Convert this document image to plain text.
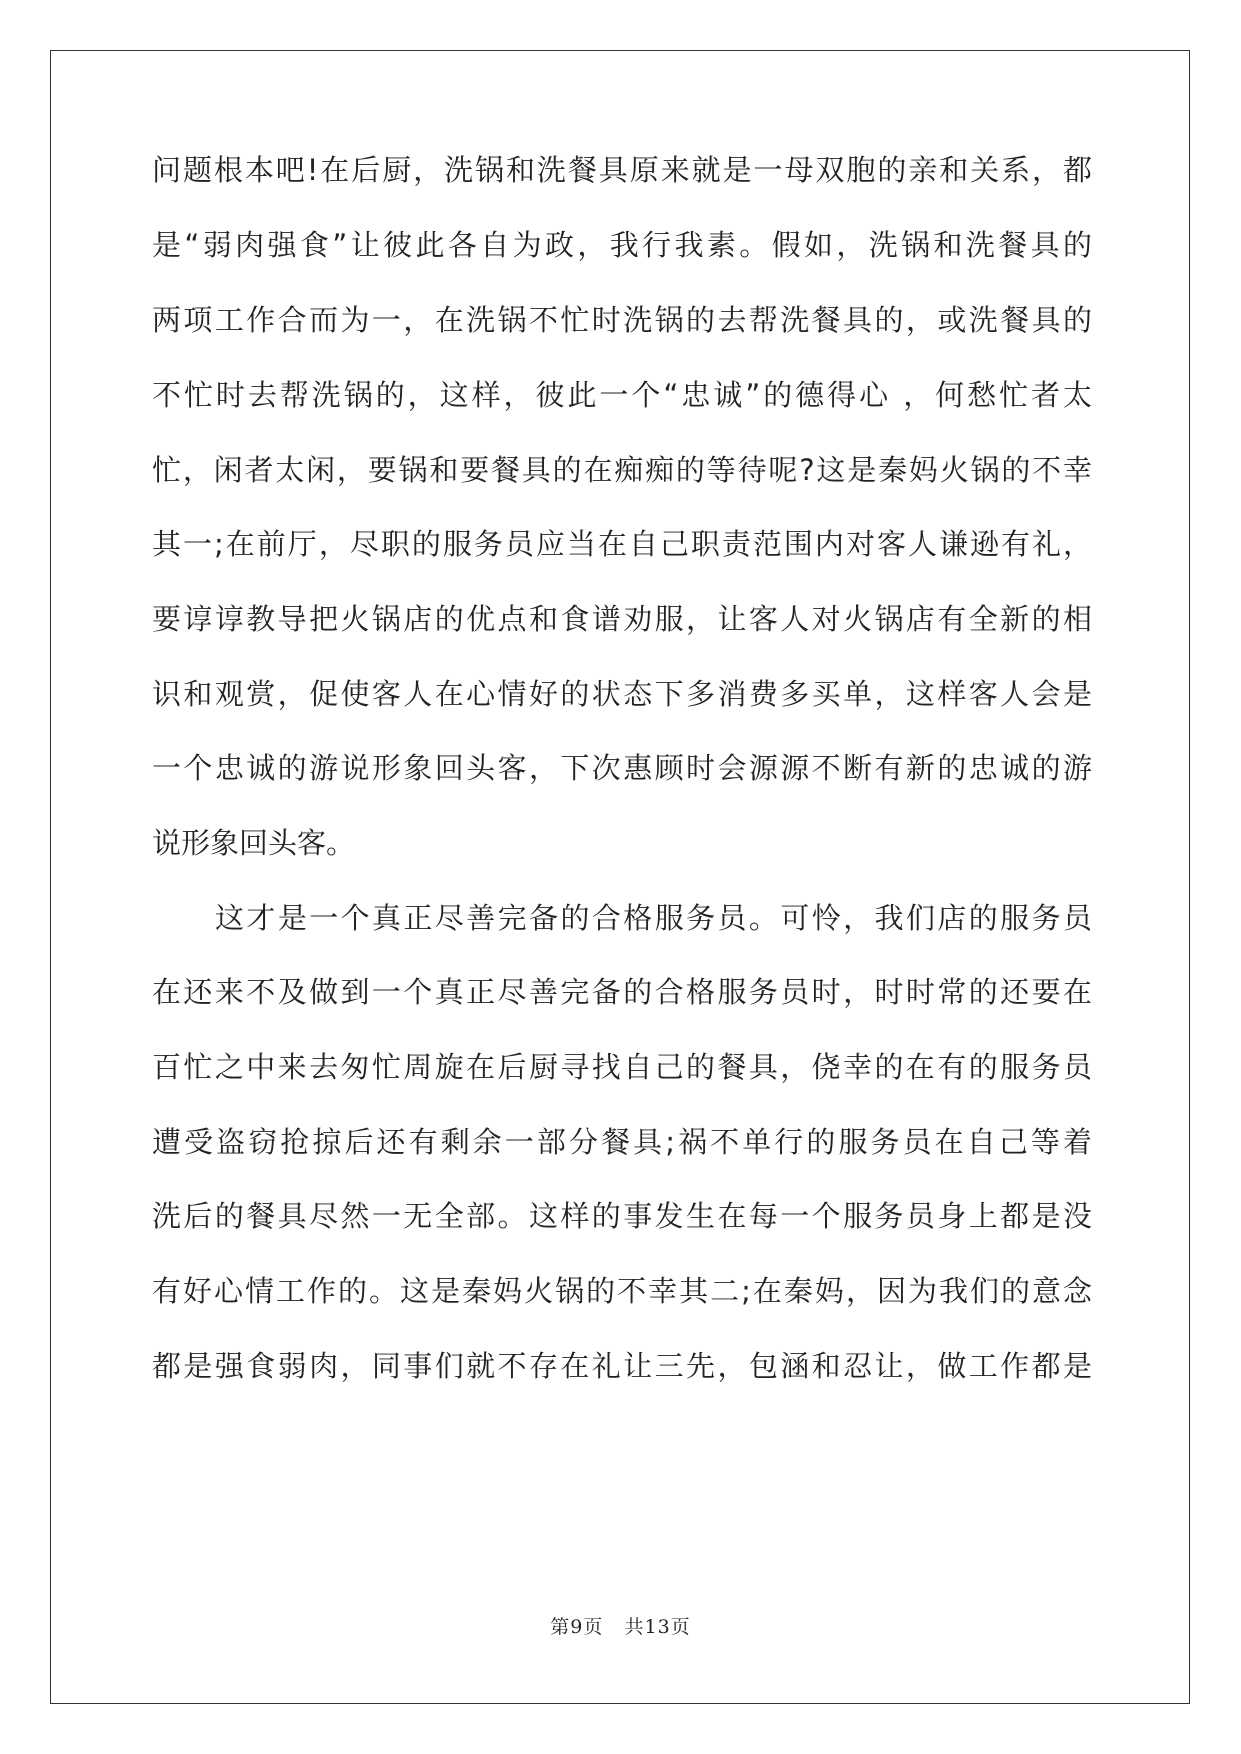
问题根本吧!在后厨，洗锅和洗餐具原来就是一母双胞的亲和关系，都
是“弱肉强食”让彼此各自为政，我行我素。假如，洗锅和洗餐具的
两项工作合而为一，在洗锅不忙时洗锅的去帮洗餐具的，或洗餐具的
不忙时去帮洗锅的，这样，彼此一个“忠诚”的德得心 ，何愁忙者太
忙，闲者太闲，要锅和要餐具的在痴痴的等待呢?这是秦妈火锅的不幸
其一;在前厅，尽职的服务员应当在自己职责范围内对客人谦逊有礼，
要谆谆教导把火锅店的优点和食谱劝服，让客人对火锅店有全新的相
识和观赏，促使客人在心情好的状态下多消费多买单，这样客人会是
一个忠诚的游说形象回头客，下次惠顾时会源源不断有新的忠诚的游
说形象回头客。
这才是一个真正尽善完备的合格服务员。可怜，我们店的服务员
在还来不及做到一个真正尽善完备的合格服务员时，时时常的还要在
百忙之中来去匆忙周旋在后厨寻找自己的餐具，侥幸的在有的服务员
遭受盗窃抢掠后还有剩余一部分餐具;祸不单行的服务员在自己等着
洗后的餐具尽然一无全部。这样的事发生在每一个服务员身上都是没
有好心情工作的。这是秦妈火锅的不幸其二;在秦妈，因为我们的意念
都是强食弱肉，同事们就不存在礼让三先，包涵和忍让，做工作都是
第9页 共13页
